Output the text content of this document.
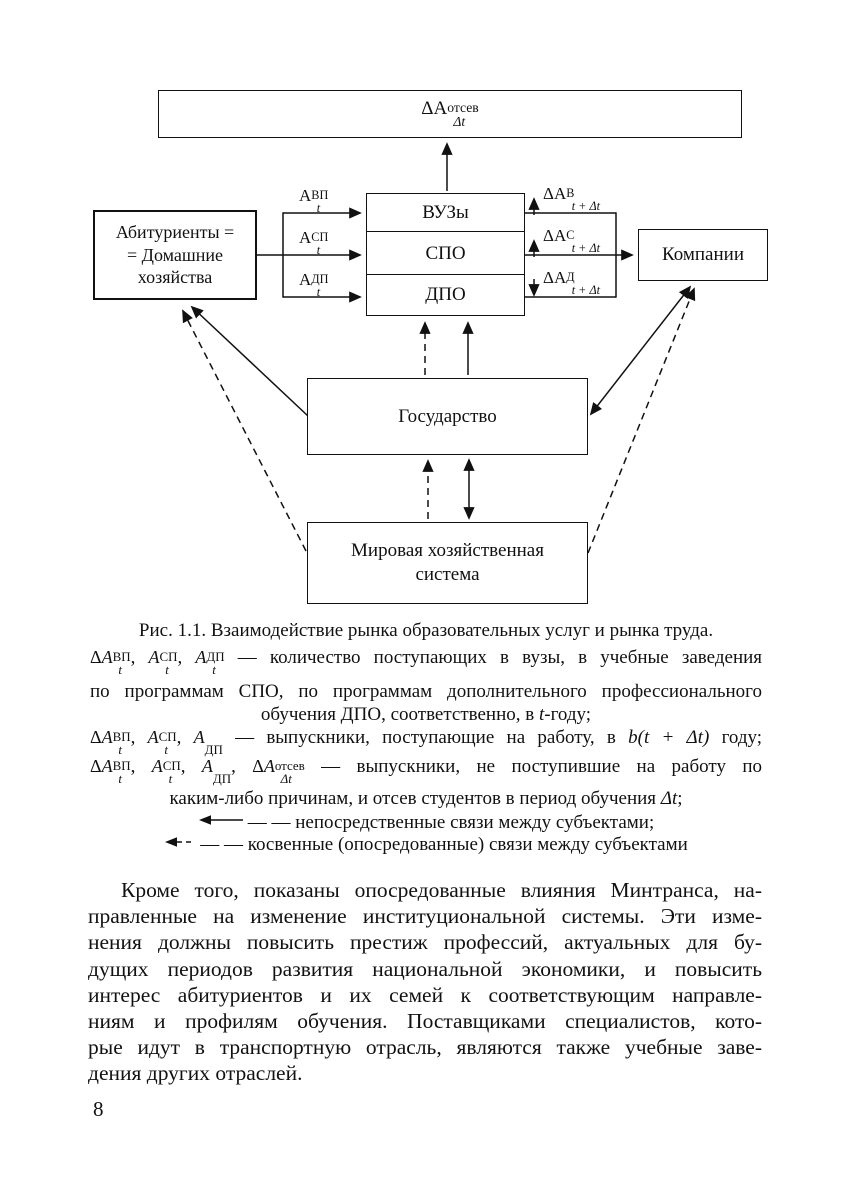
ΔA отсев
Δt
Абитуриенты =
= Домашние
хозяйства
ВУЗы
СПО
ДПО
Компании
Государство
Мировая хозяйственная
система
A ВП
t
A СП
t
A ДП
t
ΔA В
t + Δt
ΔA С
t + Δt
ΔA Д
t + Δt
Рис. 1.1. Взаимодействие рынка образовательных услуг и рынка труда.
ΔA ВП
t
, A СП
t
, A ДП
t
— количество поступающих в вузы, в учебные заведения
по программам СПО, по программам дополнительного профессионального
обучения ДПО, соответственно, в t-году;
ΔA ВП
t
, A СП
t
, A
ДП
— выпускники, поступающие на работу, в b(t + Δt) году;
ΔA ВП
t
, A СП
t
, A
ДП
, ΔA отсев
Δt
— выпускники, не поступившие на работу по
каким-либо причинам, и отсев студентов в период обучения Δt;
— — непосредственные связи между субъектами;
— — косвенные (опосредованные) связи между субъектами
Кроме того, показаны опосредованные влияния Минтранса, на-
правленные на изменение институциональной системы. Эти изме-
нения должны повысить престиж профессий, актуальных для бу-
дущих периодов развития национальной экономики, и повысить
интерес абитуриентов и их семей к соответствующим направле-
ниям и профилям обучения. Поставщиками специалистов, кото-
рые идут в транспортную отрасль, являются также учебные заве-
дения других отраслей.
8
